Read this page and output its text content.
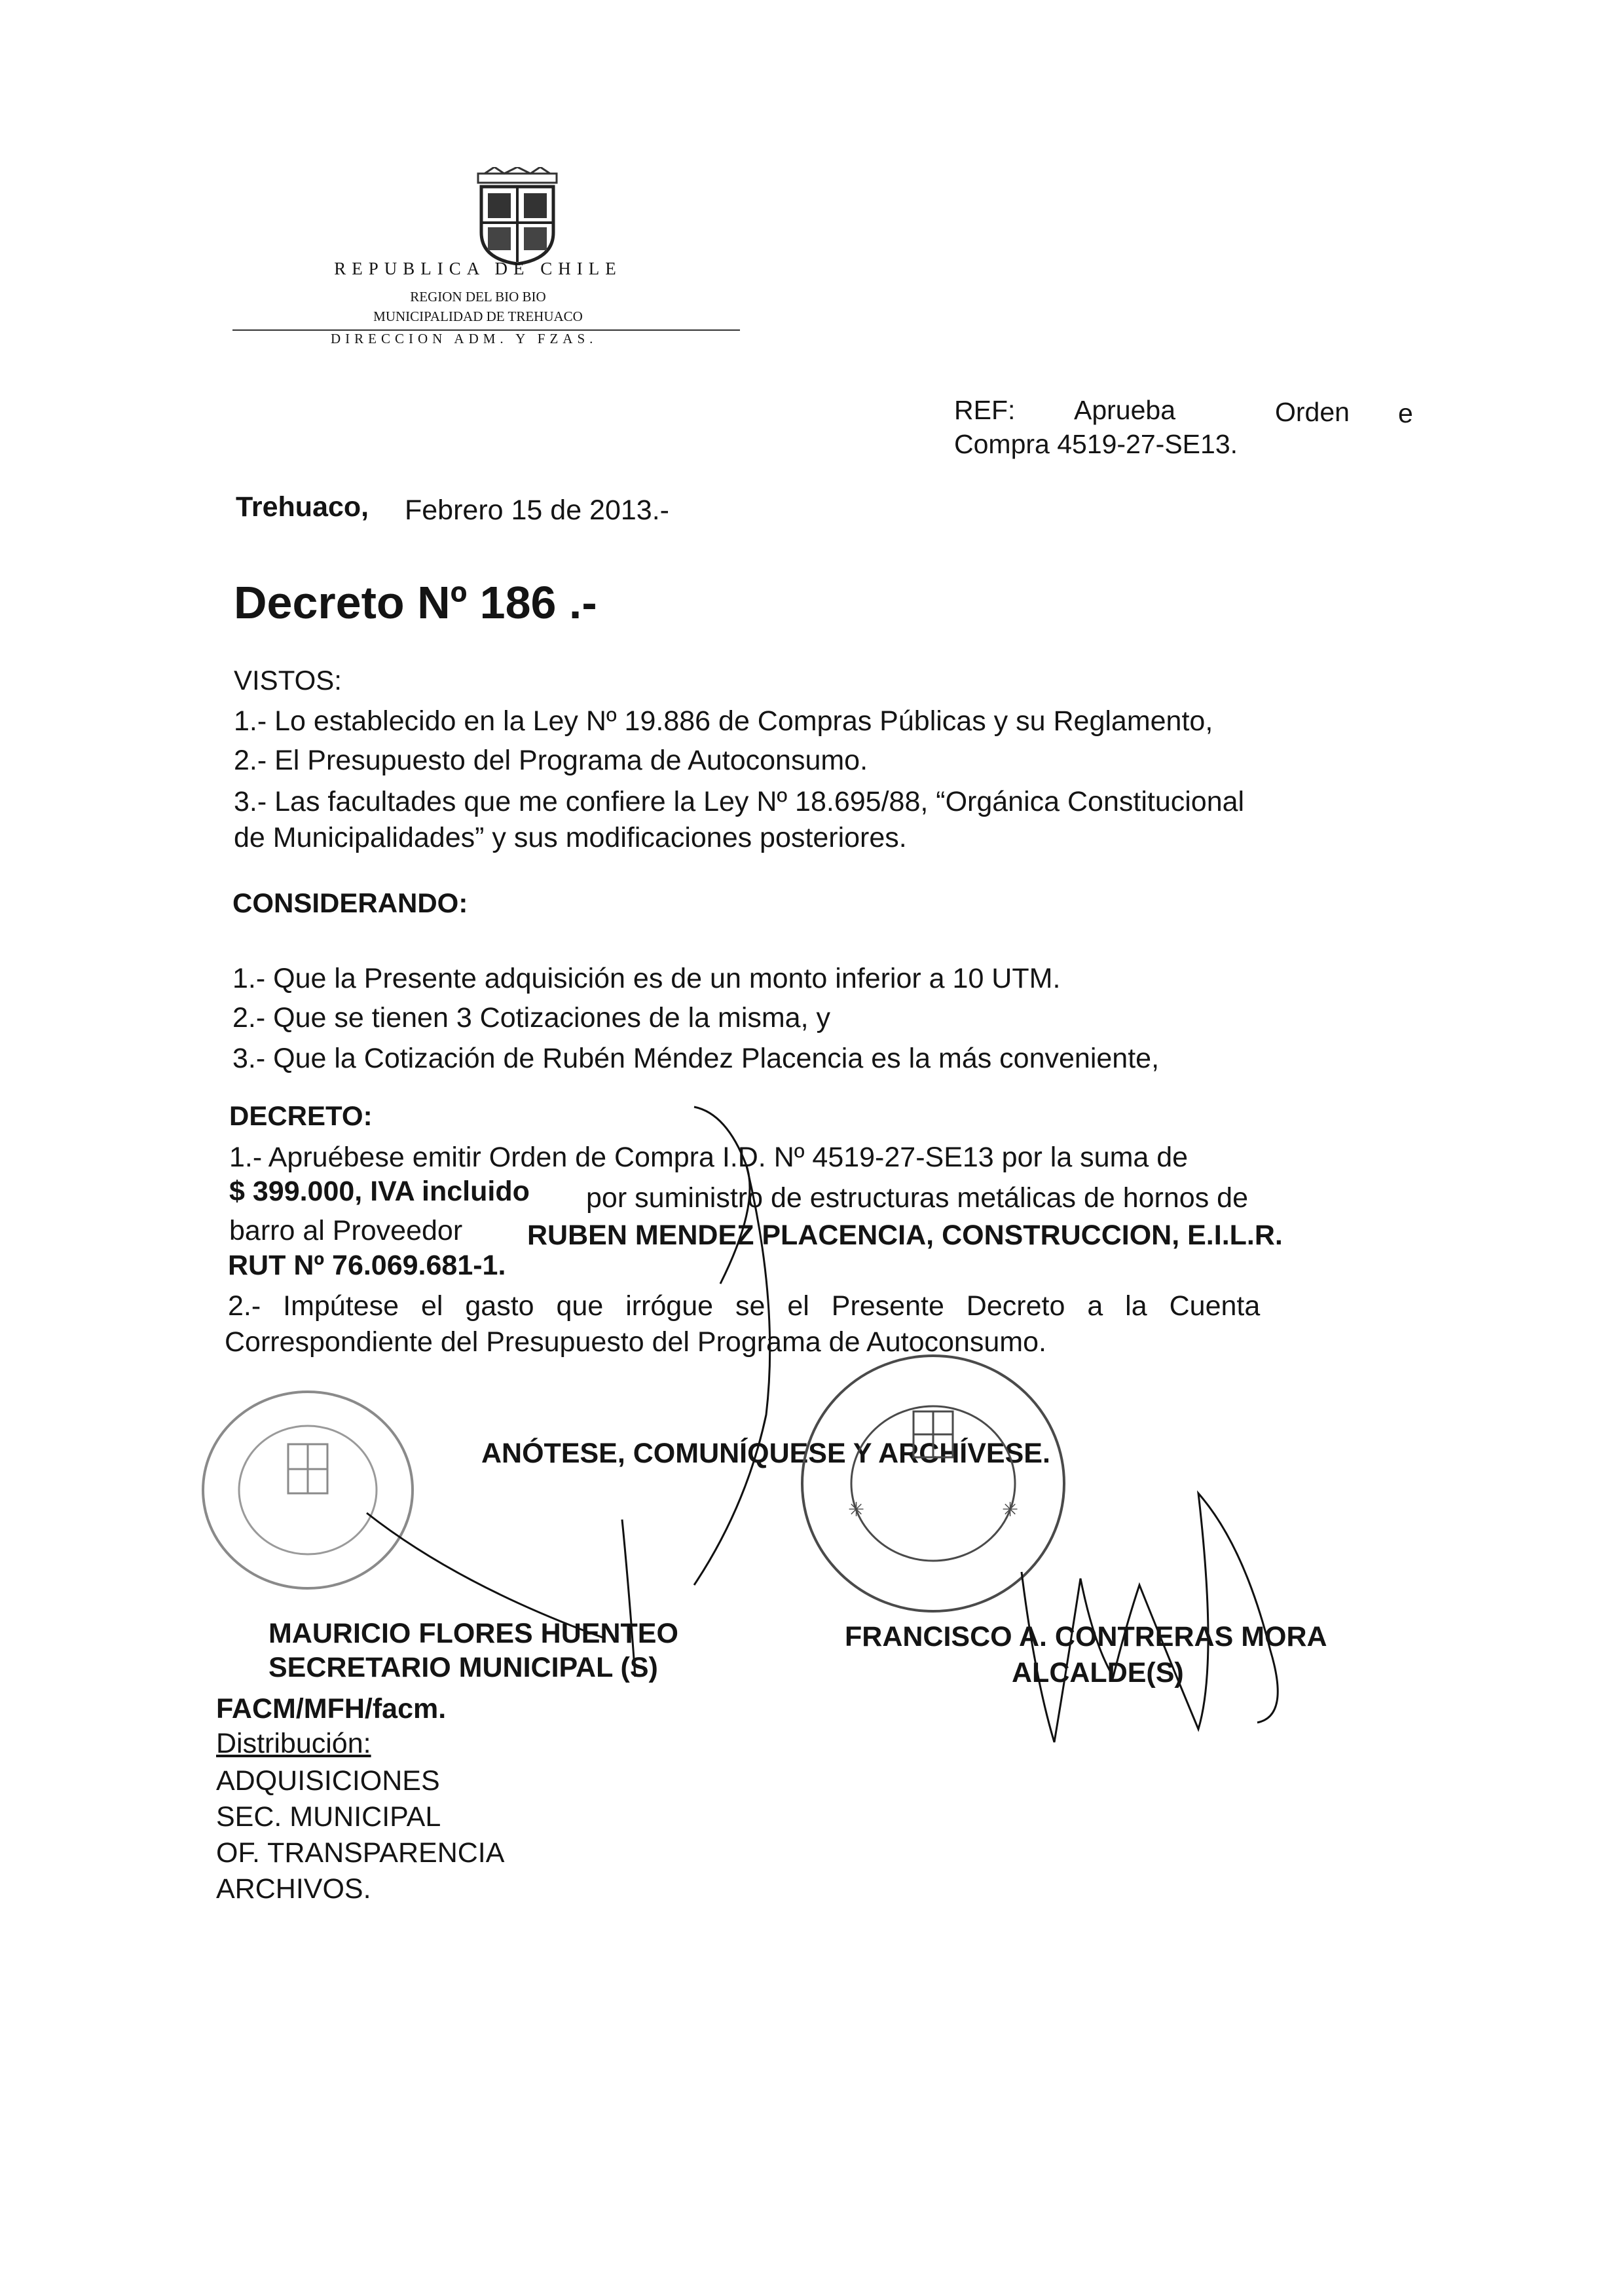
REPUBLICA DE CHILE
REGION DEL BIO BIO
MUNICIPALIDAD DE TREHUACO
DIRECCION ADM. Y FZAS.
REF: Aprueba	Orden e
Compra 4519-27-SE13.
Trehuaco, Febrero 15 de 2013.-
Decreto Nº 186 .-
VISTOS:
1.- Lo establecido en la Ley Nº 19.886 de Compras Públicas y su Reglamento,
2.- El Presupuesto del Programa de Autoconsumo.
3.- Las facultades que me confiere la Ley Nº 18.695/88, “Orgánica Constitucional
de Municipalidades” y sus modificaciones posteriores.
CONSIDERANDO:
1.- Que la Presente adquisición es de un monto inferior a 10 UTM.
2.- Que se tienen 3 Cotizaciones de la misma, y
3.- Que la Cotización de Rubén Méndez Placencia es la más conveniente,
DECRETO:
1.- Apruébese emitir Orden de Compra I.D. Nº 4519-27-SE13 por la suma de
$ 399.000, IVA incluido por suministro de estructuras metálicas de hornos de
barro al Proveedor RUBEN MENDEZ PLACENCIA, CONSTRUCCION, E.I.L.R.
RUT Nº 76.069.681-1.
2.- Impútese el gasto que irrógue se el Presente Decreto a la Cuenta
Correspondiente del Presupuesto del Programa de Autoconsumo.
ANÓTESE, COMUNÍQUESE Y ARCHÍVESE.
✳	✳
MAURICIO FLORES HUENTEO
SECRETARIO MUNICIPAL (S)
FRANCISCO A. CONTRERAS MORA
ALCALDE(S)
FACM/MFH/facm.
Distribución:
ADQUISICIONES
SEC. MUNICIPAL
OF. TRANSPARENCIA
ARCHIVOS.
